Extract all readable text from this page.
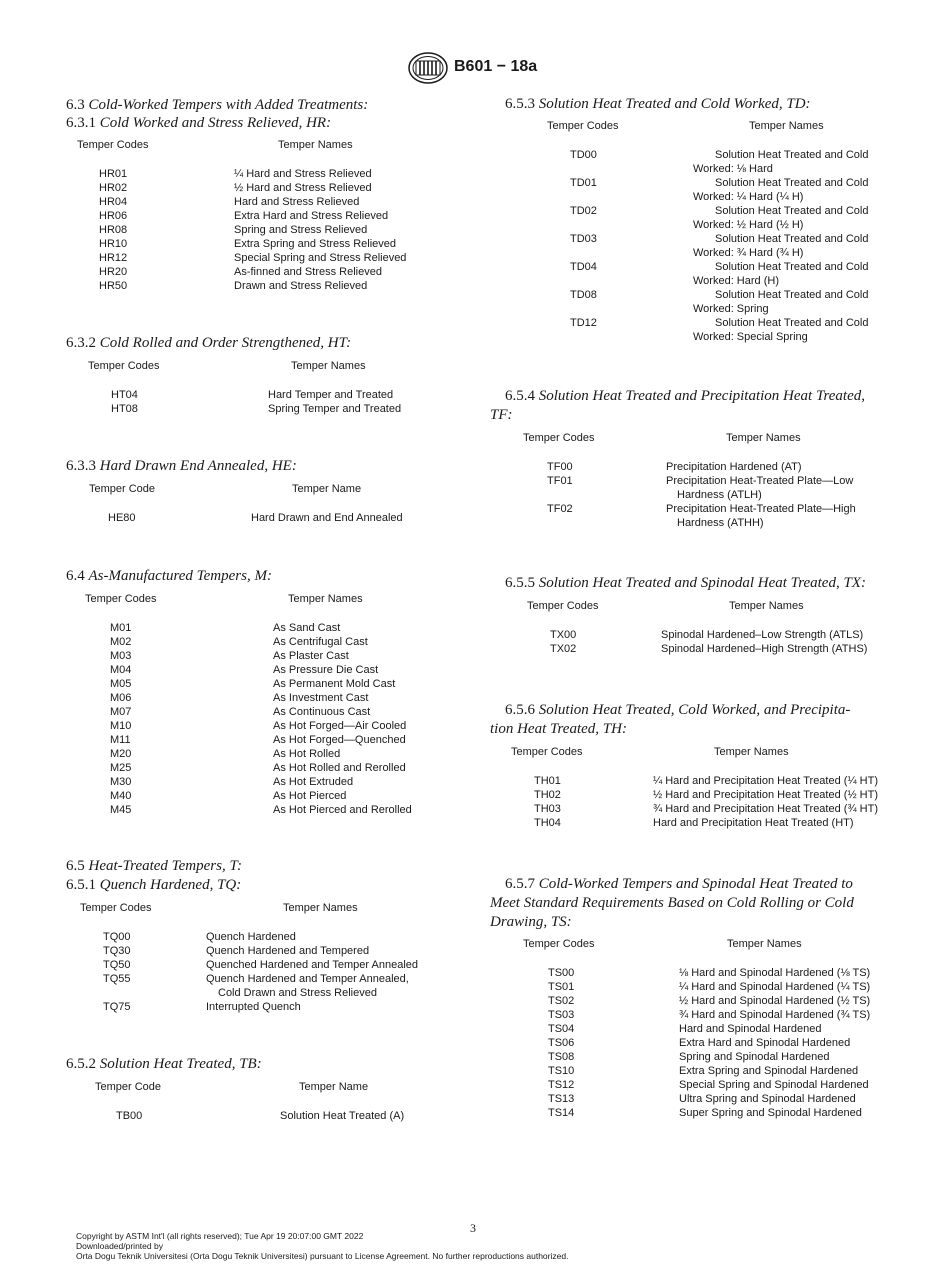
B601 − 18a
6.3 Cold-Worked Tempers with Added Treatments:
6.3.1 Cold Worked and Stress Relieved, HR:
Temper Codes	Temper Names
HR01	¼ Hard and Stress Relieved
HR02	½ Hard and Stress Relieved
HR04	Hard and Stress Relieved
HR06	Extra Hard and Stress Relieved
HR08	Spring and Stress Relieved
HR10	Extra Spring and Stress Relieved
HR12	Special Spring and Stress Relieved
HR20	As-finned and Stress Relieved
HR50	Drawn and Stress Relieved
6.3.2 Cold Rolled and Order Strengthened, HT:
Temper Codes	Temper Names
HT04	Hard Temper and Treated
HT08	Spring Temper and Treated
6.3.3 Hard Drawn End Annealed, HE:
Temper Code	Temper Name
HE80	Hard Drawn and End Annealed
6.4 As-Manufactured Tempers, M:
Temper Codes	Temper Names
M01	As Sand Cast
M02	As Centrifugal Cast
M03	As Plaster Cast
M04	As Pressure Die Cast
M05	As Permanent Mold Cast
M06	As Investment Cast
M07	As Continuous Cast
M10	As Hot Forged—Air Cooled
M11	As Hot Forged—Quenched
M20	As Hot Rolled
M25	As Hot Rolled and Rerolled
M30	As Hot Extruded
M40	As Hot Pierced
M45	As Hot Pierced and Rerolled
6.5 Heat-Treated Tempers, T:
6.5.1 Quench Hardened, TQ:
Temper Codes	Temper Names
TQ00	Quench Hardened
TQ30	Quench Hardened and Tempered
TQ50	Quenched Hardened and Temper Annealed
TQ55	Quench Hardened and Temper Annealed,
Cold Drawn and Stress Relieved
TQ75	Interrupted Quench
6.5.2 Solution Heat Treated, TB:
Temper Code	Temper Name
TB00	Solution Heat Treated (A)
6.5.3 Solution Heat Treated and Cold Worked, TD:
Temper Codes	Temper Names
TD00	Solution Heat Treated and Cold
Worked: ⅛ Hard
TD01	Solution Heat Treated and Cold
Worked: ¼ Hard (¼ H)
TD02	Solution Heat Treated and Cold
Worked: ½ Hard (½ H)
TD03	Solution Heat Treated and Cold
Worked: ¾ Hard (¾ H)
TD04	Solution Heat Treated and Cold
Worked: Hard (H)
TD08	Solution Heat Treated and Cold
Worked: Spring
TD12	Solution Heat Treated and Cold
Worked: Special Spring
6.5.4 Solution Heat Treated and Precipitation Heat Treated,
TF:
Temper Codes	Temper Names
TF00	Precipitation Hardened (AT)
TF01	Precipitation Heat-Treated Plate—Low
Hardness (ATLH)
TF02	Precipitation Heat-Treated Plate—High
Hardness (ATHH)
6.5.5 Solution Heat Treated and Spinodal Heat Treated, TX:
Temper Codes	Temper Names
TX00	Spinodal Hardened–Low Strength (ATLS)
TX02	Spinodal Hardened–High Strength (ATHS)
6.5.6 Solution Heat Treated, Cold Worked, and Precipita-
tion Heat Treated, TH:
Temper Codes	Temper Names
TH01	¼ Hard and Precipitation Heat Treated (¼ HT)
TH02	½ Hard and Precipitation Heat Treated (½ HT)
TH03	¾ Hard and Precipitation Heat Treated (¾ HT)
TH04	Hard and Precipitation Heat Treated (HT)
6.5.7 Cold-Worked Tempers and Spinodal Heat Treated to
Meet Standard Requirements Based on Cold Rolling or Cold
Drawing, TS:
Temper Codes	Temper Names
TS00	⅛ Hard and Spinodal Hardened (⅛ TS)
TS01	¼ Hard and Spinodal Hardened (¼ TS)
TS02	½ Hard and Spinodal Hardened (½ TS)
TS03	¾ Hard and Spinodal Hardened (¾ TS)
TS04	Hard and Spinodal Hardened
TS06	Extra Hard and Spinodal Hardened
TS08	Spring and Spinodal Hardened
TS10	Extra Spring and Spinodal Hardened
TS12	Special Spring and Spinodal Hardened
TS13	Ultra Spring and Spinodal Hardened
TS14	Super Spring and Spinodal Hardened
3
Copyright by ASTM Int'l (all rights reserved); Tue Apr 19 20:07:00 GMT 2022
Downloaded/printed by
Orta Dogu Teknik Universitesi (Orta Dogu Teknik Universitesi) pursuant to License Agreement. No further reproductions authorized.
